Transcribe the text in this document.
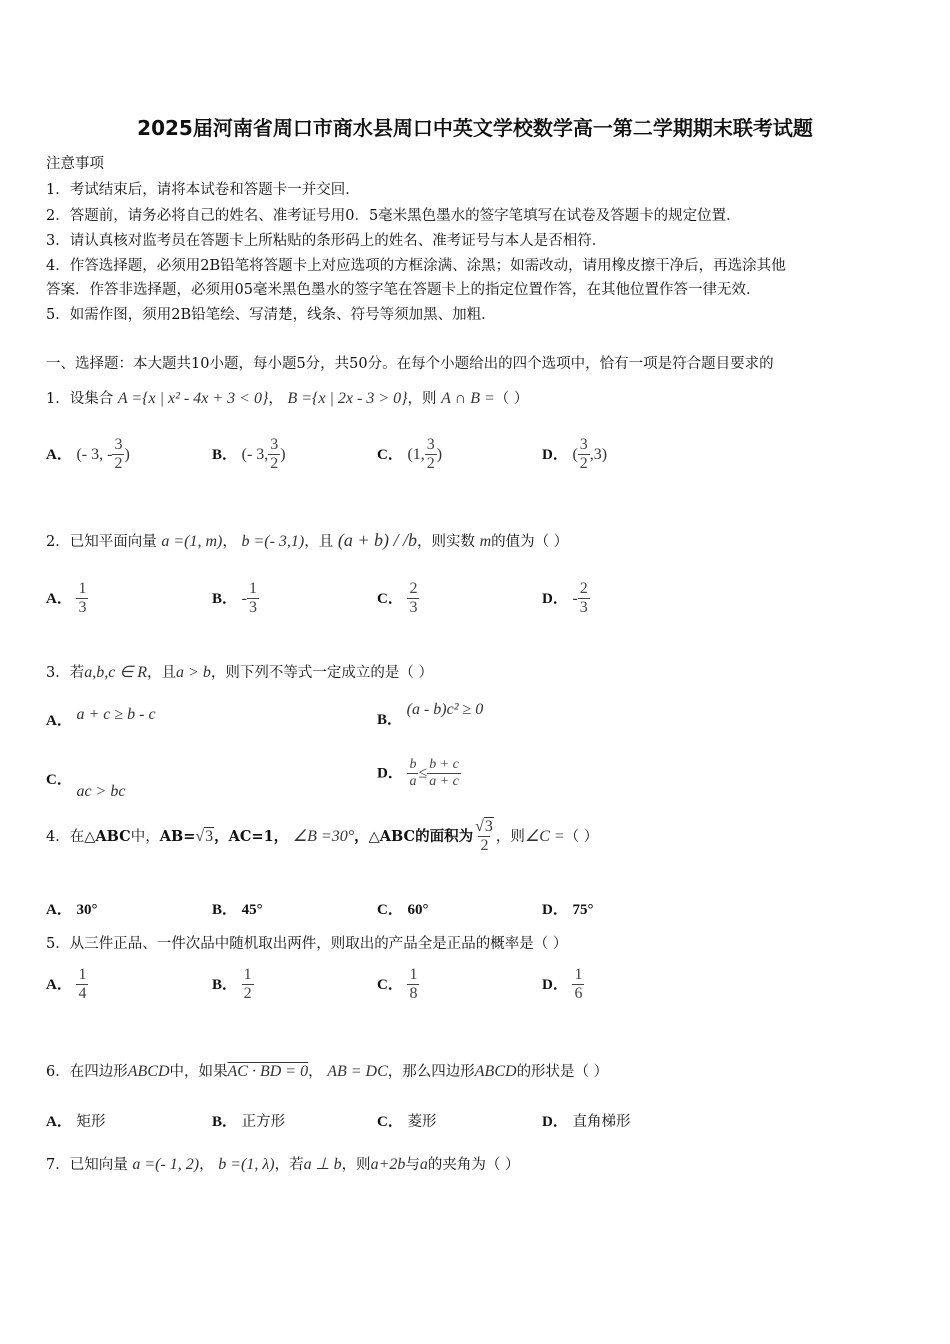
2025届河南省周口市商水县周口中英文学校数学高一第二学期期末联考试题
注意事项
1．考试结束后，请将本试卷和答题卡一并交回．
2．答题前，请务必将自己的姓名、准考证号用0．5毫米黑色墨水的签字笔填写在试卷及答题卡的规定位置．
3．请认真核对监考员在答题卡上所粘贴的条形码上的姓名、准考证号与本人是否相符．
4．作答选择题，必须用2B铅笔将答题卡上对应选项的方框涂满、涂黑；如需改动，请用橡皮擦干净后，再选涂其他
答案．作答非选择题，必须用05毫米黑色墨水的签字笔在答题卡上的指定位置作答，在其他位置作答一律无效．
5．如需作图，须用2B铅笔绘、写清楚，线条、符号等须加黑、加粗．
一、选择题：本大题共10小题，每小题5分，共50分。在每个小题给出的四个选项中，恰有一项是符合题目要求的
1．设集合 A ={x | x² - 4x + 3 < 0}， B ={x | 2x - 3 > 0}，则 A ∩ B =（ ）
A． (- 3, - $\frac{3}{2}$ )	B． (- 3, $\frac{3}{2}$ )	C． (1, $\frac{3}{2}$ )	D． ( $\frac{3}{2} ,3$)
2．已知平面向量 a =(1, m)， b =(- 3,1)，且 (a + b) / /b，则实数 m的值为（ ）
A． $\frac{1}{3}$	B． - $\frac{1}{3}$	C． $\frac{2}{3}$	D． - $\frac{2}{3}$
3．若a,b,c ∈ R，且a > b，则下列不等式一定成立的是（ ）
A． a + c ≥ b - c	B． (a - b)c² ≥ 0
C． ac > bc
D． $\frac{b}{a} \le \frac{b + c}{a + c}$
4．在△ABC中，AB=√3，AC=1， ∠B =30°，△ABC的面积为 $\frac{√3}{2}$ ，则∠C =（ ）
A． 30°	B． 45°	C． 60°	D． 75°
5．从三件正品、一件次品中随机取出两件，则取出的产品全是正品的概率是（ ）
A． $\frac{1}{4}$	B． $\frac{1}{2}$	C． $\frac{1}{8}$	D． $\frac{1}{6}$
6．在四边形ABCD中，如果AC · BD = 0， AB = DC，那么四边形ABCD的形状是（ ）
A． 矩形	B． 正方形	C． 菱形	D． 直角梯形
7．已知向量 a =(- 1, 2)， b =(1, λ)，若a ⊥ b，则a+2b与a的夹角为（ ）
